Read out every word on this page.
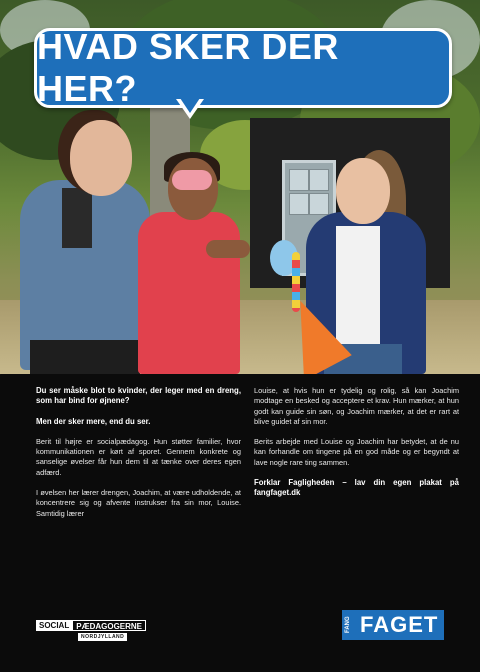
HVAD SKER DER HER?

Du ser måske blot to kvinder, der leger med en dreng, som har bind for øjnene?

Men der sker mere, end du ser.

Berit til højre er socialpædagog. Hun støtter familier, hvor kommunikationen er kørt af sporet. Gennem konkrete og sanselige øvelser får hun dem til at tænke over deres egen adfærd.

I øvelsen her lærer drengen, Joachim, at være udholdende, at koncentrere sig og afvente instrukser fra sin mor, Louise. Samtidig lærer

Louise, at hvis hun er tydelig og rolig, så kan Joachim modtage en besked og acceptere et krav. Hun mærker, at hun godt kan guide sin søn, og Joachim mærker, at det er rart at blive guidet af sin mor.

Berits arbejde med Louise og Joachim har betydet, at de nu kan forhandle om tingene på en god måde og er begyndt at lave nogle rare ting sammen.

Forklar Fagligheden – lav din egen plakat på fangfaget.dk

SOCIAL PÆDAGOGERNE
NORDJYLLAND
FANG FAGET
